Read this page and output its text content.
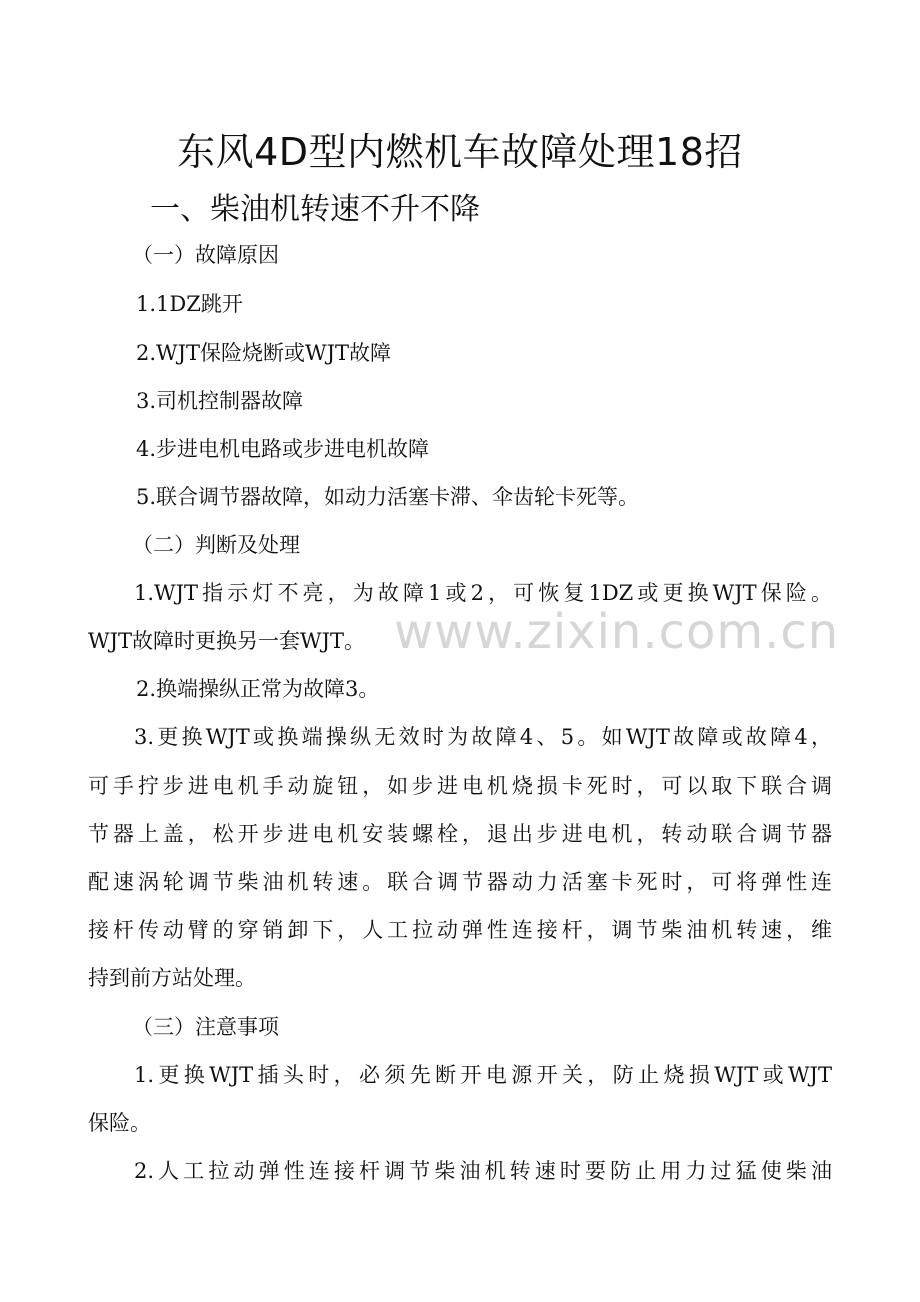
东风4D型内燃机车故障处理18招
一、柴油机转速不升不降
（一）故障原因
1.1DZ跳开
2.WJT保险烧断或WJT故障
3.司机控制器故障
4.步进电机电路或步进电机故障
5.联合调节器故障，如动力活塞卡滞、伞齿轮卡死等。
（二）判断及处理
1.WJT指示灯不亮，为故障1或2，可恢复1DZ或更换WJT保险。
WJT故障时更换另一套WJT。
2.换端操纵正常为故障3。
3.更换WJT或换端操纵无效时为故障4、5。如WJT故障或故障4，
可手拧步进电机手动旋钮，如步进电机烧损卡死时，可以取下联合调
节器上盖，松开步进电机安装螺栓，退出步进电机，转动联合调节器
配速涡轮调节柴油机转速。联合调节器动力活塞卡死时，可将弹性连
接杆传动臂的穿销卸下，人工拉动弹性连接杆，调节柴油机转速，维
持到前方站处理。
（三）注意事项
1.更换WJT插头时，必须先断开电源开关，防止烧损WJT或WJT
保险。
2.人工拉动弹性连接杆调节柴油机转速时要防止用力过猛使柴油
www.zixin.com.cn
